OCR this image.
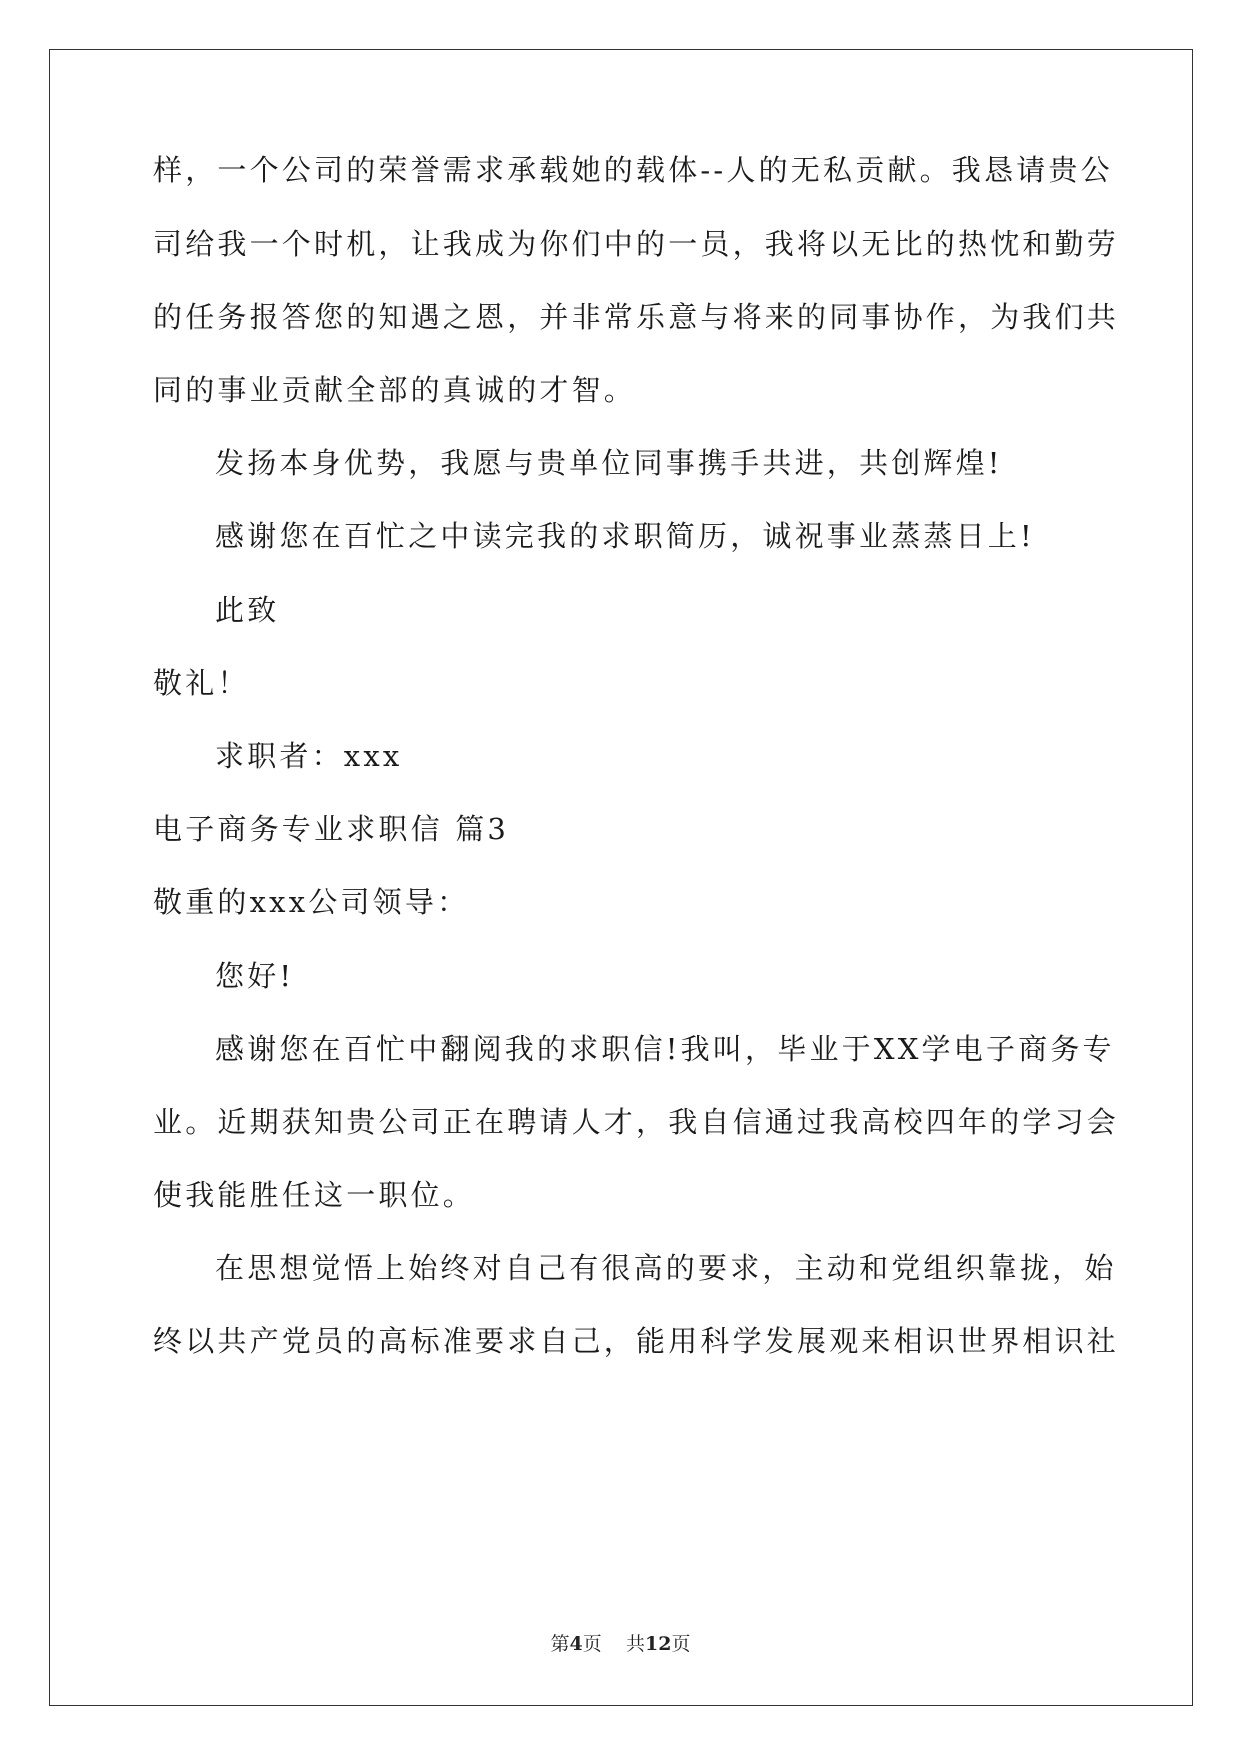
样，一个公司的荣誉需求承载她的载体--人的无私贡献。我恳请贵公
司给我一个时机，让我成为你们中的一员，我将以无比的热忱和勤劳
的任务报答您的知遇之恩，并非常乐意与将来的同事协作，为我们共
同的事业贡献全部的真诚的才智。
发扬本身优势，我愿与贵单位同事携手共进，共创辉煌!
感谢您在百忙之中读完我的求职简历，诚祝事业蒸蒸日上!
此致
敬礼！
求职者：xxx
电子商务专业求职信 篇3
敬重的xxx公司领导：
您好!
感谢您在百忙中翻阅我的求职信!我叫，毕业于XX学电子商务专
业。近期获知贵公司正在聘请人才，我自信通过我高校四年的学习会
使我能胜任这一职位。
在思想觉悟上始终对自己有很高的要求，主动和党组织靠拢，始
终以共产党员的高标准要求自己，能用科学发展观来相识世界相识社
第4页 共12页
